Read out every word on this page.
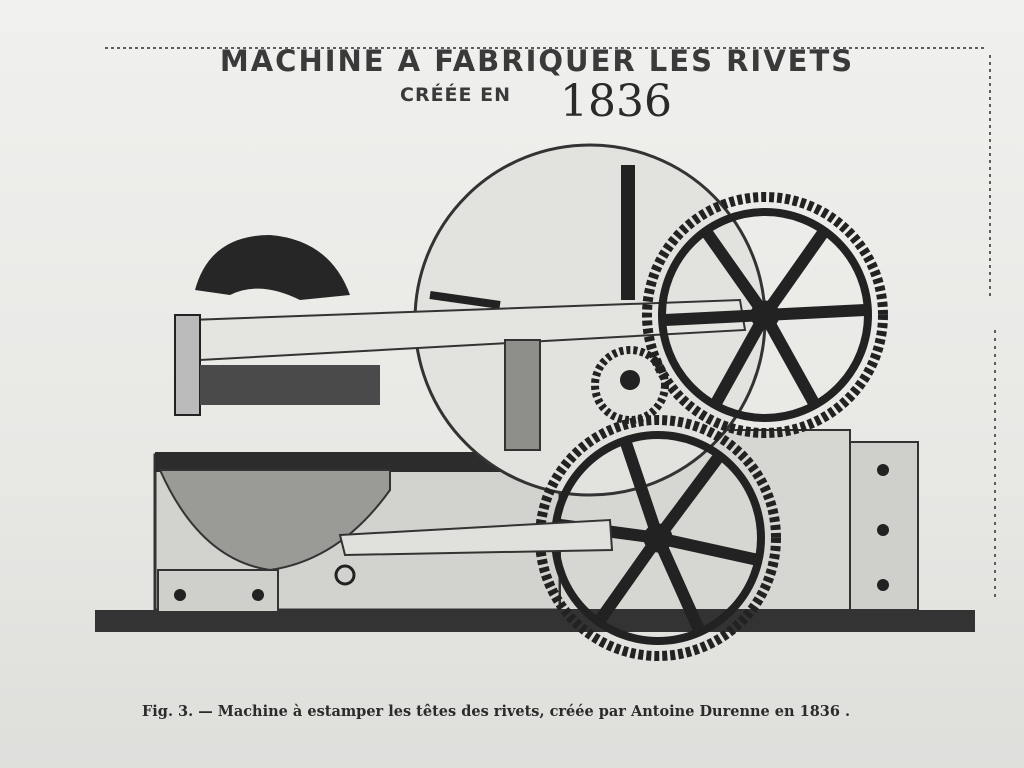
MACHINE A FABRIQUER LES RIVETS
CRÉÉE EN 1836
Fig. 3. — Machine à estamper les têtes des rivets, créée par Antoine Durenne en 1836 .
